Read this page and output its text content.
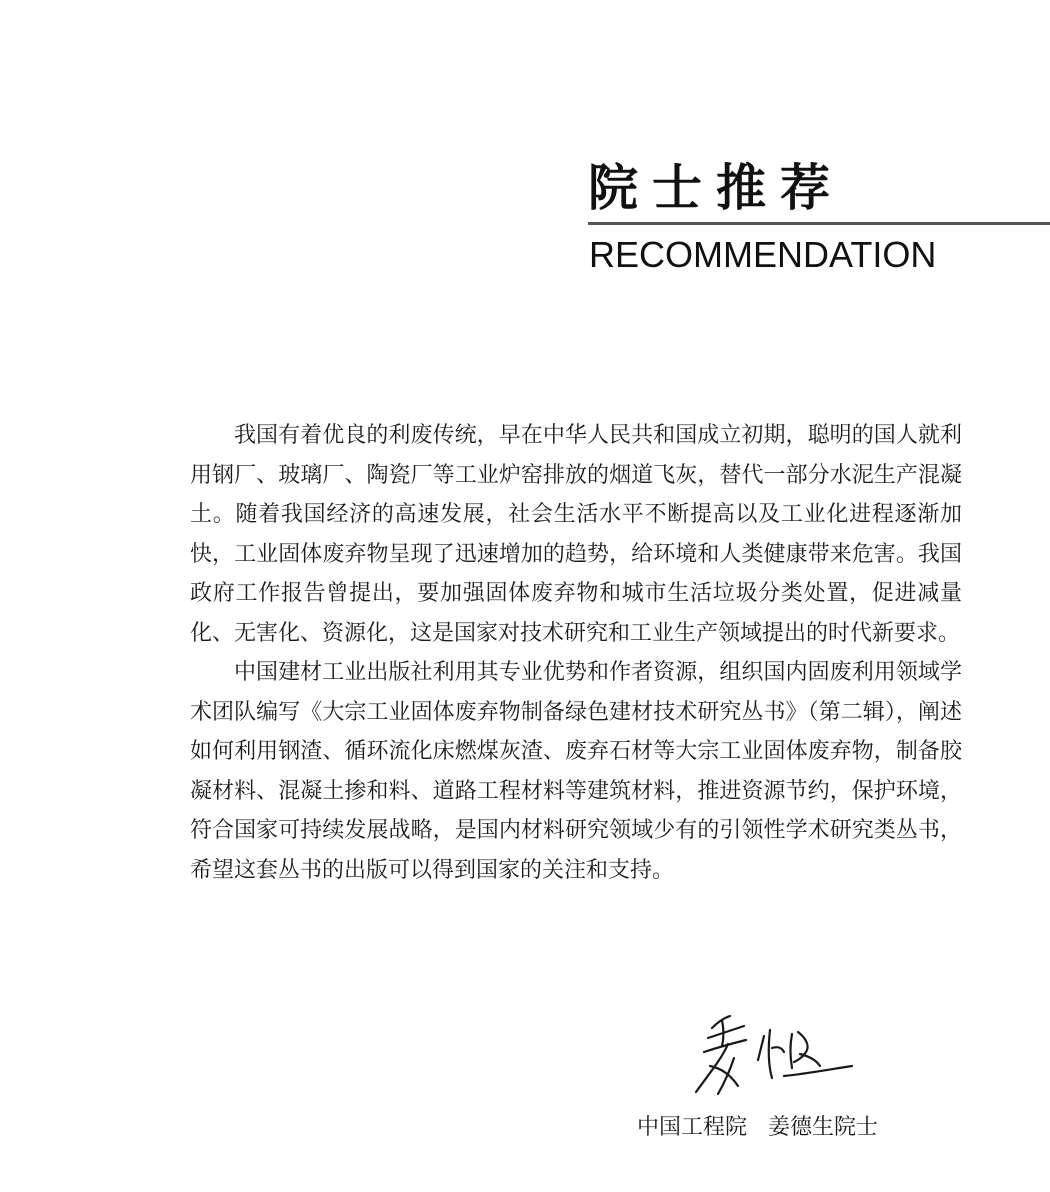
院士推荐
RECOMMENDATION

我国有着优良的利废传统，早在中华人民共和国成立初期，聪明的国人就利用钢厂、玻璃厂、陶瓷厂等工业炉窑排放的烟道飞灰，替代一部分水泥生产混凝土。随着我国经济的高速发展，社会生活水平不断提高以及工业化进程逐渐加快，工业固体废弃物呈现了迅速增加的趋势，给环境和人类健康带来危害。我国政府工作报告曾提出，要加强固体废弃物和城市生活垃圾分类处置，促进减量化、无害化、资源化，这是国家对技术研究和工业生产领域提出的时代新要求。

中国建材工业出版社利用其专业优势和作者资源，组织国内固废利用领域学术团队编写《大宗工业固体废弃物制备绿色建材技术研究丛书》（第二辑），阐述如何利用钢渣、循环流化床燃煤灰渣、废弃石材等大宗工业固体废弃物，制备胶凝材料、混凝土掺和料、道路工程材料等建筑材料，推进资源节约，保护环境，符合国家可持续发展战略，是国内材料研究领域少有的引领性学术研究类丛书，希望这套丛书的出版可以得到国家的关注和支持。

中国工程院 姜德生院士
